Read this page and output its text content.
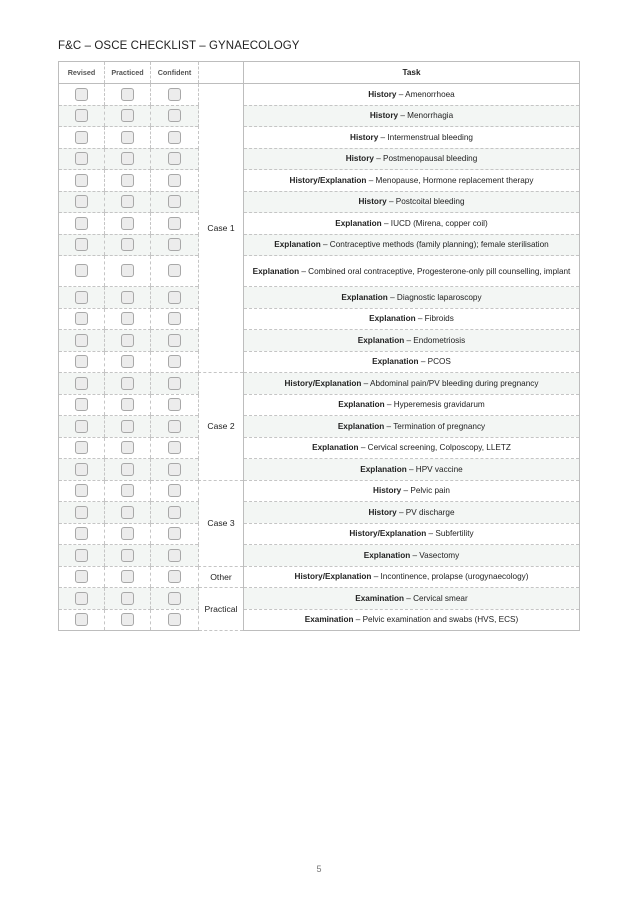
F&C – OSCE CHECKLIST – GYNAECOLOGY
Revised	Practiced	Confident		Task
			Case 1	History – Amenorrhoea
				History – Menorrhagia
				History – Intermenstrual bleeding
				History – Postmenopausal bleeding
				History/Explanation – Menopause, Hormone replacement therapy
				History – Postcoital bleeding
				Explanation – IUCD (Mirena, copper coil)
				Explanation – Contraceptive methods (family planning); female sterilisation
				Explanation – Combined oral contraceptive, Progesterone-only pill counselling, implant
				Explanation – Diagnostic laparoscopy
				Explanation – Fibroids
				Explanation – Endometriosis
				Explanation – PCOS
			Case 2	History/Explanation – Abdominal pain/PV bleeding during pregnancy
				Explanation – Hyperemesis gravidarum
				Explanation – Termination of pregnancy
				Explanation – Cervical screening, Colposcopy, LLETZ
				Explanation – HPV vaccine
			Case 3	History – Pelvic pain
				History – PV discharge
				History/Explanation – Subfertility
				Explanation – Vasectomy
			Other	History/Explanation – Incontinence, prolapse (urogynaecology)
			Practical	Examination – Cervical smear
				Examination – Pelvic examination and swabs (HVS, ECS)
5
